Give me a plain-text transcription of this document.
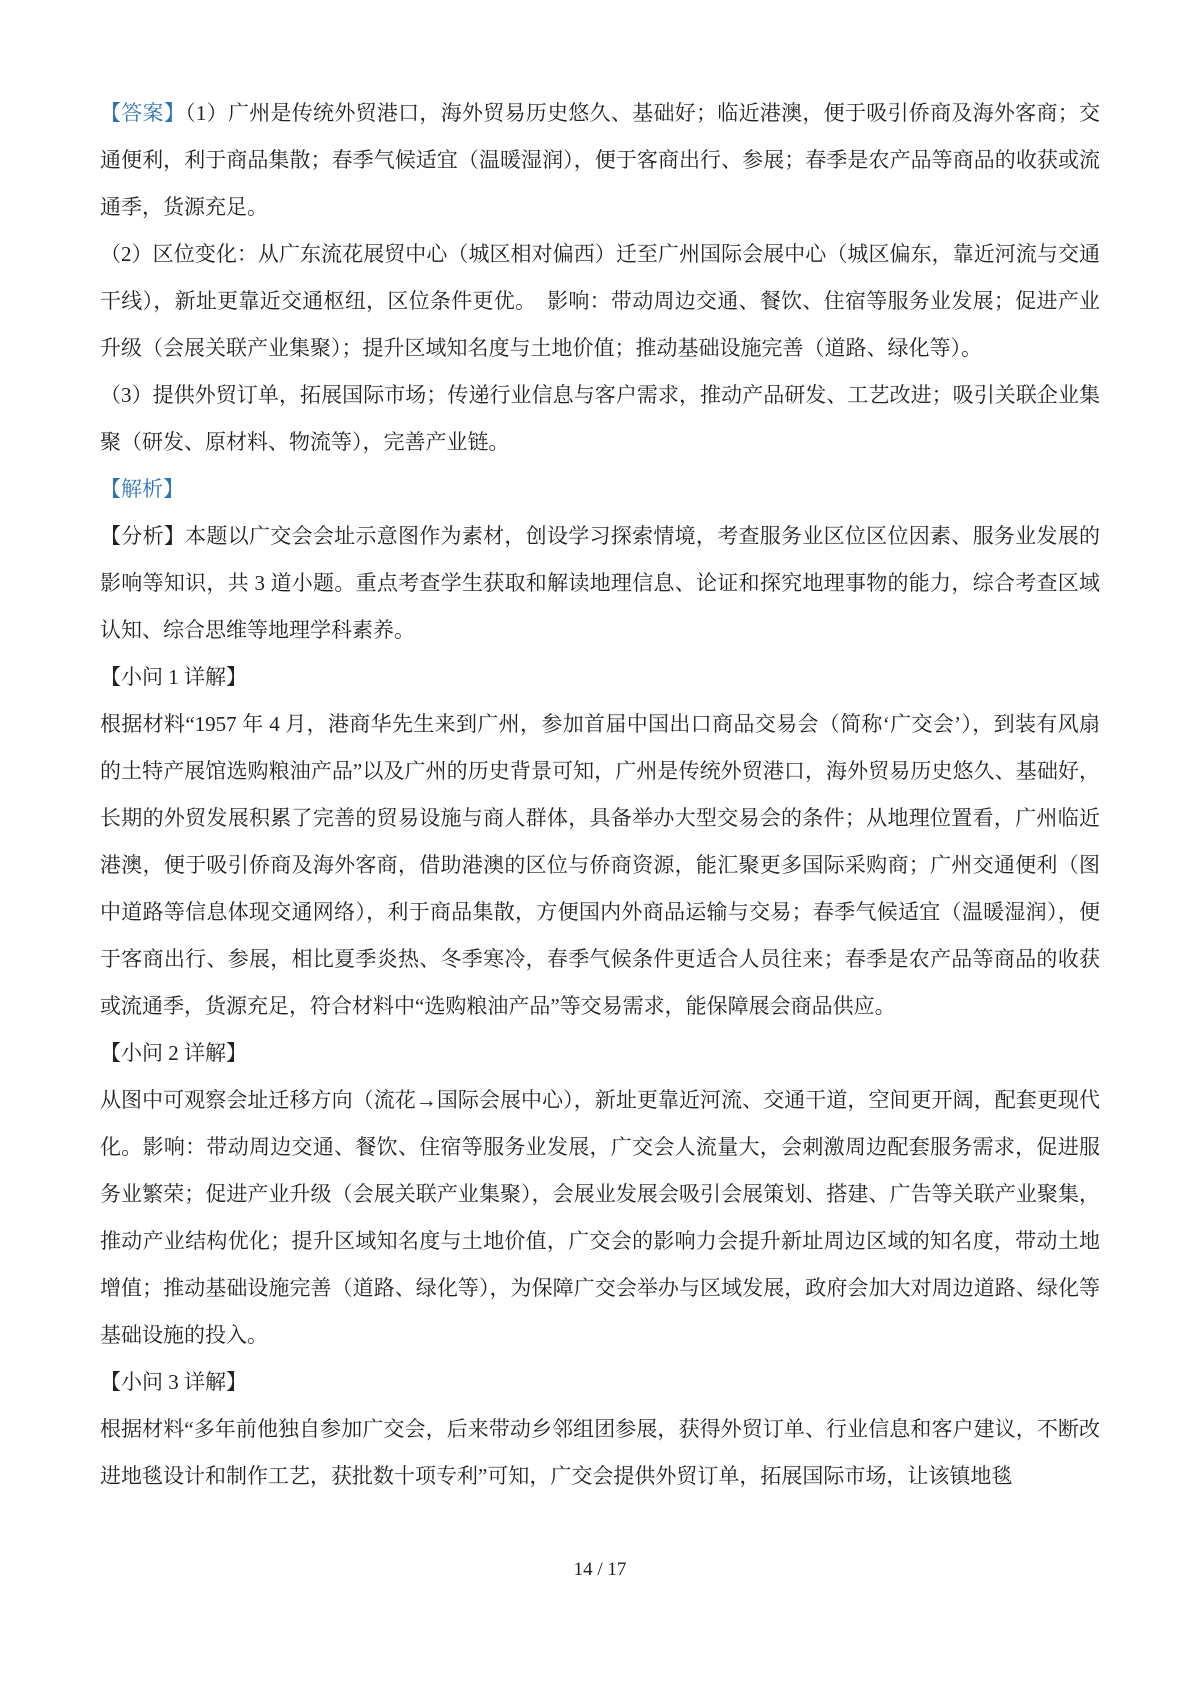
【答案】（1）广州是传统外贸港口，海外贸易历史悠久、基础好；临近港澳，便于吸引侨商及海外客商；交通便利，利于商品集散；春季气候适宜（温暖湿润），便于客商出行、参展；春季是农产品等商品的收获或流通季，货源充足。

（2）区位变化：从广东流花展贸中心（城区相对偏西）迁至广州国际会展中心（城区偏东，靠近河流与交通干线），新址更靠近交通枢纽，区位条件更优。　影响：带动周边交通、餐饮、住宿等服务业发展；促进产业升级（会展关联产业集聚）；提升区域知名度与土地价值；推动基础设施完善（道路、绿化等）。

（3）提供外贸订单，拓展国际市场；传递行业信息与客户需求，推动产品研发、工艺改进；吸引关联企业集聚（研发、原材料、物流等），完善产业链。

【解析】

【分析】本题以广交会会址示意图作为素材，创设学习探索情境，考查服务业区位区位因素、服务业发展的影响等知识，共 3 道小题。重点考查学生获取和解读地理信息、论证和探究地理事物的能力，综合考查区域认知、综合思维等地理学科素养。

【小问 1 详解】

根据材料“1957 年 4 月，港商华先生来到广州，参加首届中国出口商品交易会（简称‘广交会’），到装有风扇的土特产展馆选购粮油产品”以及广州的历史背景可知，广州是传统外贸港口，海外贸易历史悠久、基础好，长期的外贸发展积累了完善的贸易设施与商人群体，具备举办大型交易会的条件；从地理位置看，广州临近港澳，便于吸引侨商及海外客商，借助港澳的区位与侨商资源，能汇聚更多国际采购商；广州交通便利（图中道路等信息体现交通网络），利于商品集散，方便国内外商品运输与交易；春季气候适宜（温暖湿润），便于客商出行、参展，相比夏季炎热、冬季寒冷，春季气候条件更适合人员往来；春季是农产品等商品的收获或流通季，货源充足，符合材料中“选购粮油产品”等交易需求，能保障展会商品供应。

【小问 2 详解】

从图中可观察会址迁移方向（流花→国际会展中心），新址更靠近河流、交通干道，空间更开阔，配套更现代化。影响：带动周边交通、餐饮、住宿等服务业发展，广交会人流量大，会刺激周边配套服务需求，促进服务业繁荣；促进产业升级（会展关联产业集聚），会展业发展会吸引会展策划、搭建、广告等关联产业聚集，推动产业结构优化；提升区域知名度与土地价值，广交会的影响力会提升新址周边区域的知名度，带动土地增值；推动基础设施完善（道路、绿化等），为保障广交会举办与区域发展，政府会加大对周边道路、绿化等基础设施的投入。

【小问 3 详解】

根据材料“多年前他独自参加广交会，后来带动乡邻组团参展，获得外贸订单、行业信息和客户建议，不断改进地毯设计和制作工艺，获批数十项专利”可知，广交会提供外贸订单，拓展国际市场，让该镇地毯

14 / 17
